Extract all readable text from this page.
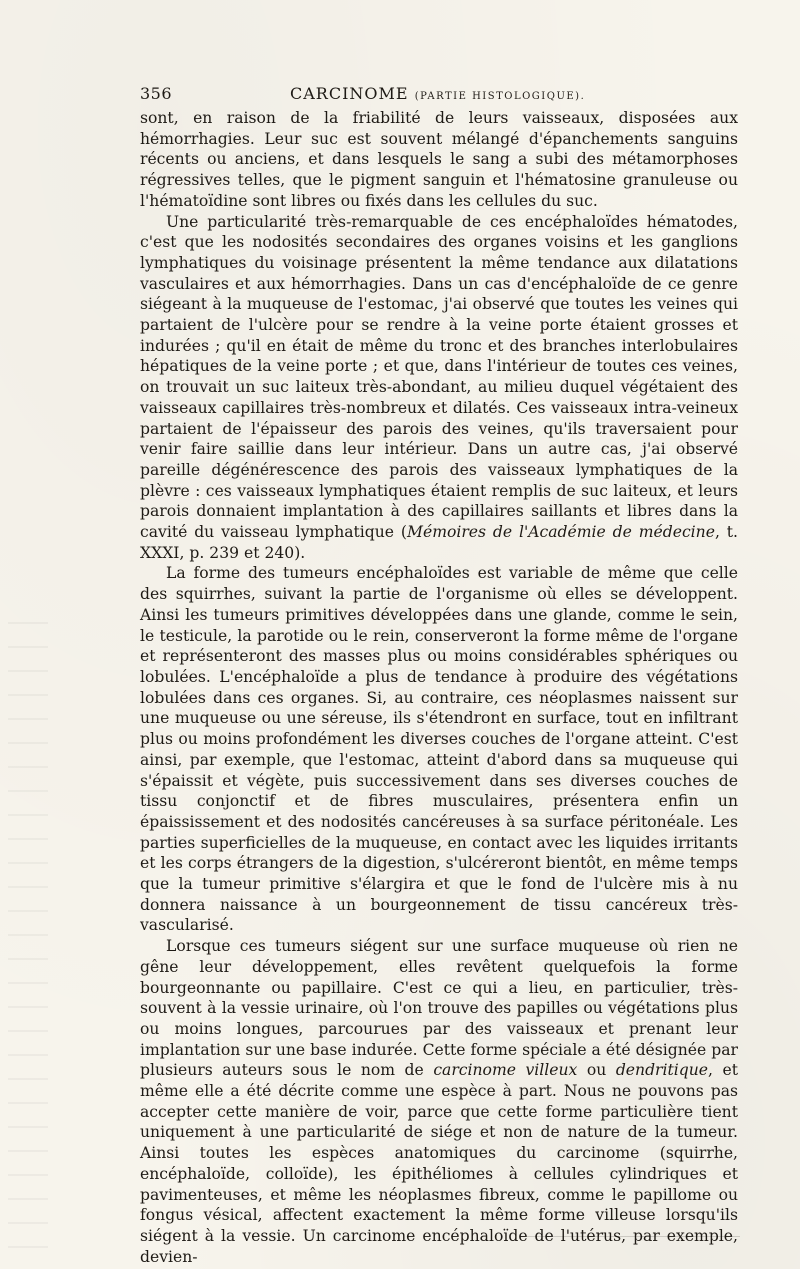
356	CARCINOME (PARTIE HISTOLOGIQUE).

sont, en raison de la friabilité de leurs vaisseaux, disposées aux hémorrhagies. Leur suc est souvent mélangé d'épanchements sanguins récents ou anciens, et dans lesquels le sang a subi des métamorphoses régressives telles, que le pigment sanguin et l'hématosine granuleuse ou l'hématoïdine sont libres ou fixés dans les cellules du suc.

Une particularité très-remarquable de ces encéphaloïdes hématodes, c'est que les nodosités secondaires des organes voisins et les ganglions lymphatiques du voisinage présentent la même tendance aux dilatations vasculaires et aux hémorrhagies. Dans un cas d'encéphaloïde de ce genre siégeant à la muqueuse de l'estomac, j'ai observé que toutes les veines qui partaient de l'ulcère pour se rendre à la veine porte étaient grosses et indurées ; qu'il en était de même du tronc et des branches interlobulaires hépatiques de la veine porte ; et que, dans l'intérieur de toutes ces veines, on trouvait un suc laiteux très-abondant, au milieu duquel végétaient des vaisseaux capillaires très-nombreux et dilatés. Ces vaisseaux intra-veineux partaient de l'épaisseur des parois des veines, qu'ils traversaient pour venir faire saillie dans leur intérieur. Dans un autre cas, j'ai observé pareille dégénérescence des parois des vaisseaux lymphatiques de la plèvre : ces vaisseaux lymphatiques étaient remplis de suc laiteux, et leurs parois donnaient implantation à des capillaires saillants et libres dans la cavité du vaisseau lymphatique (Mémoires de l'Académie de médecine, t. XXXI, p. 239 et 240).

La forme des tumeurs encéphaloïdes est variable de même que celle des squirrhes, suivant la partie de l'organisme où elles se développent. Ainsi les tumeurs primitives développées dans une glande, comme le sein, le testicule, la parotide ou le rein, conserveront la forme même de l'organe et représenteront des masses plus ou moins considérables sphériques ou lobulées. L'encéphaloïde a plus de tendance à produire des végétations lobulées dans ces organes. Si, au contraire, ces néoplasmes naissent sur une muqueuse ou une séreuse, ils s'étendront en surface, tout en infiltrant plus ou moins profondément les diverses couches de l'organe atteint. C'est ainsi, par exemple, que l'estomac, atteint d'abord dans sa muqueuse qui s'épaissit et végète, puis successivement dans ses diverses couches de tissu conjonctif et de fibres musculaires, présentera enfin un épaississement et des nodosités cancéreuses à sa surface péritonéale. Les parties superficielles de la muqueuse, en contact avec les liquides irritants et les corps étrangers de la digestion, s'ulcéreront bientôt, en même temps que la tumeur primitive s'élargira et que le fond de l'ulcère mis à nu donnera naissance à un bourgeonnement de tissu cancéreux très-vascularisé.

Lorsque ces tumeurs siégent sur une surface muqueuse où rien ne gêne leur développement, elles revêtent quelquefois la forme bourgeonnante ou papillaire. C'est ce qui a lieu, en particulier, très-souvent à la vessie urinaire, où l'on trouve des papilles ou végétations plus ou moins longues, parcourues par des vaisseaux et prenant leur implantation sur une base indurée. Cette forme spéciale a été désignée par plusieurs auteurs sous le nom de carcinome villeux ou dendritique, et même elle a été décrite comme une espèce à part. Nous ne pouvons pas accepter cette manière de voir, parce que cette forme particulière tient uniquement à une particularité de siége et non de nature de la tumeur. Ainsi toutes les espèces anatomiques du carcinome (squirrhe, encéphaloïde, colloïde), les épithéliomes à cellules cylindriques et pavimenteuses, et même les néoplasmes fibreux, comme le papillome ou fongus vésical, affectent exactement la même forme villeuse lorsqu'ils siégent à la vessie. Un carcinome encéphaloïde de l'utérus, par exemple, devien-
